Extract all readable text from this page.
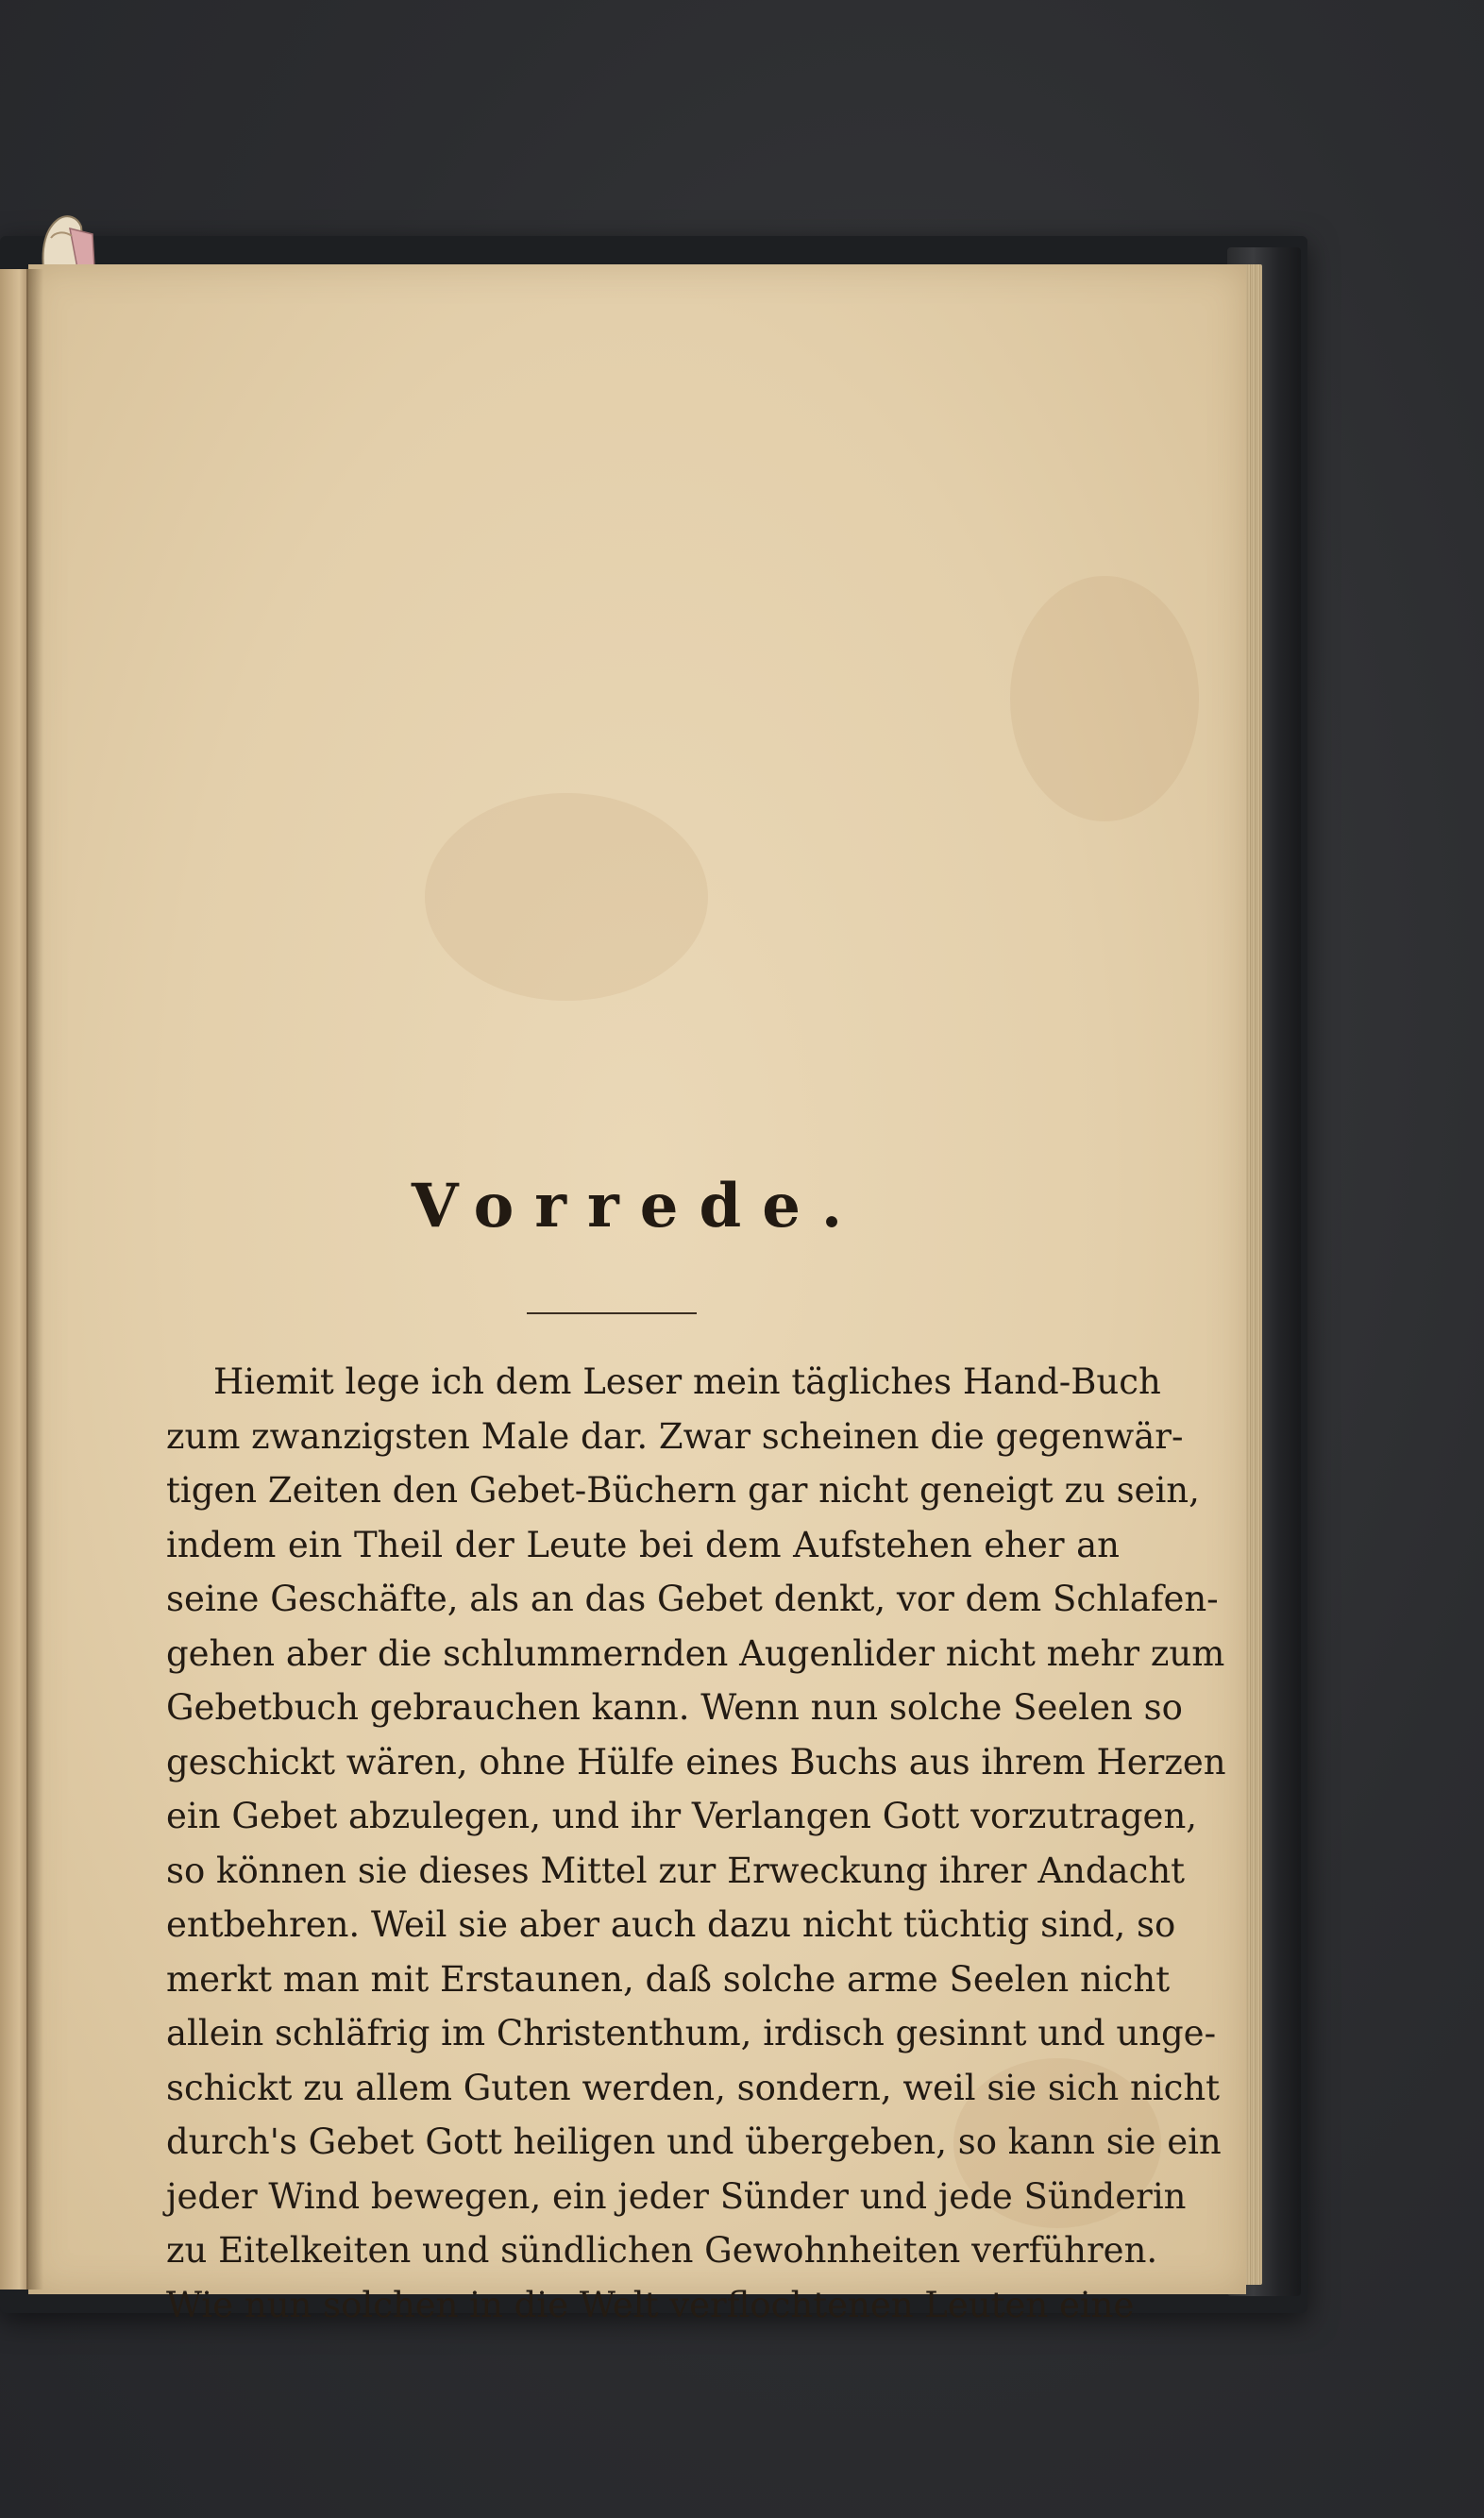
Vorrede.
Hiemit lege ich dem Leser mein tägliches Hand-Buch
zum zwanzigsten Male dar. Zwar scheinen die gegenwär-
tigen Zeiten den Gebet-Büchern gar nicht geneigt zu sein,
indem ein Theil der Leute bei dem Aufstehen eher an
seine Geschäfte, als an das Gebet denkt, vor dem Schlafen-
gehen aber die schlummernden Augenlider nicht mehr zum
Gebetbuch gebrauchen kann. Wenn nun solche Seelen so
geschickt wären, ohne Hülfe eines Buchs aus ihrem Herzen
ein Gebet abzulegen, und ihr Verlangen Gott vorzutragen,
so können sie dieses Mittel zur Erweckung ihrer Andacht
entbehren. Weil sie aber auch dazu nicht tüchtig sind, so
merkt man mit Erstaunen, daß solche arme Seelen nicht
allein schläfrig im Christenthum, irdisch gesinnt und unge-
schickt zu allem Guten werden, sondern, weil sie sich nicht
durch's Gebet Gott heiligen und übergeben, so kann sie ein
jeder Wind bewegen, ein jeder Sünder und jede Sünderin
zu Eitelkeiten und sündlichen Gewohnheiten verführen.
Wie nun solchen in die Welt verflochtenen Leuten eine
